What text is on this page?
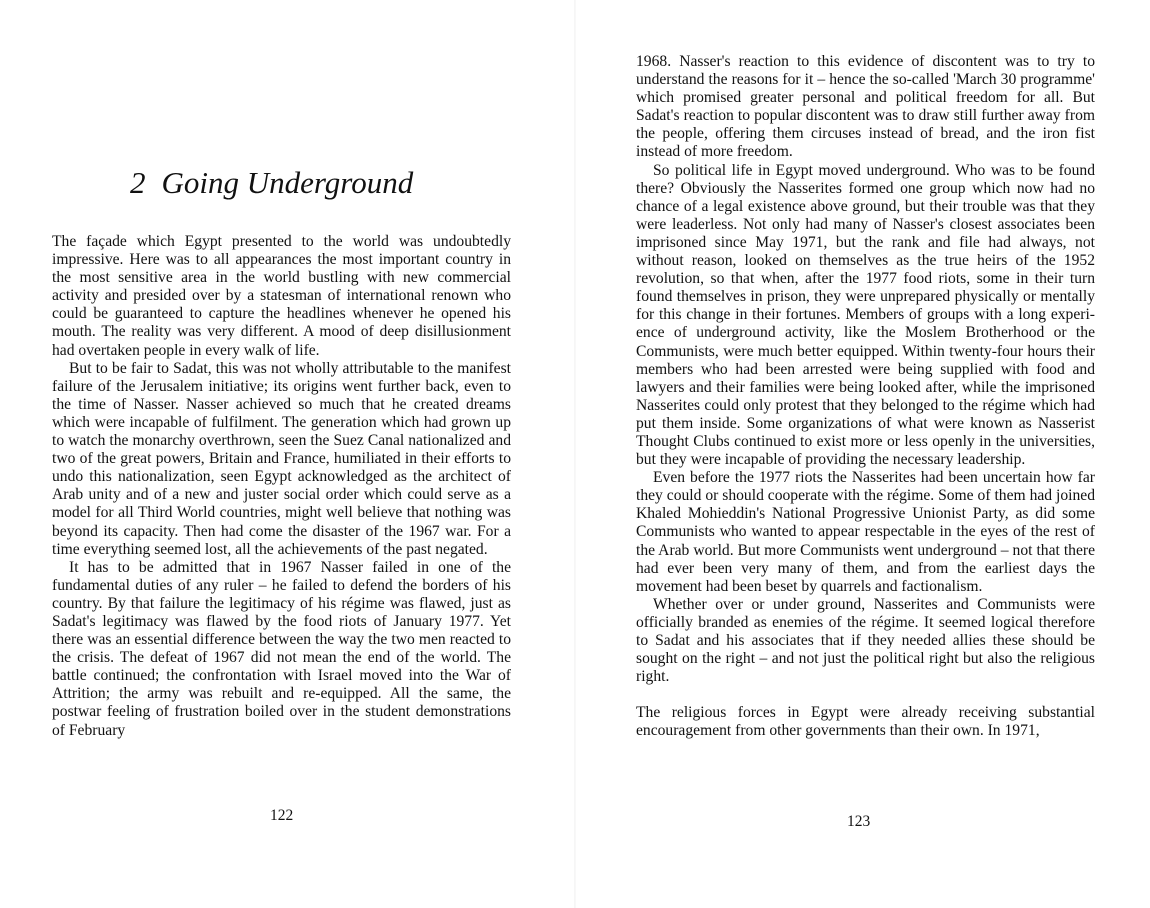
2 Going Underground

The façade which Egypt presented to the world was undoubtedly impressive. Here was to all appearances the most important country in the most sensitive area in the world bustling with new commercial activity and presided over by a statesman of international renown who could be guaranteed to capture the headlines whenever he opened his mouth. The reality was very different. A mood of deep disillusionment had overtaken people in every walk of life.

But to be fair to Sadat, this was not wholly attributable to the manifest failure of the Jerusalem initiative; its origins went further back, even to the time of Nasser. Nasser achieved so much that he created dreams which were incapable of fulfilment. The generation which had grown up to watch the monarchy overthrown, seen the Suez Canal nationalized and two of the great powers, Britain and France, humiliated in their efforts to undo this nationalization, seen Egypt acknowledged as the architect of Arab unity and of a new and juster social order which could serve as a model for all Third World countries, might well believe that nothing was beyond its capacity. Then had come the disaster of the 1967 war. For a time everything seemed lost, all the achievements of the past negated.

It has to be admitted that in 1967 Nasser failed in one of the fundamental duties of any ruler – he failed to defend the borders of his country. By that failure the legitimacy of his régime was flawed, just as Sadat's legitimacy was flawed by the food riots of January 1977. Yet there was an essential difference between the way the two men reacted to the crisis. The defeat of 1967 did not mean the end of the world. The battle continued; the confrontation with Israel moved into the War of Attrition; the army was rebuilt and re-equipped. All the same, the postwar feeling of frustration boiled over in the student demonstrations of February

122

1968. Nasser's reaction to this evidence of discontent was to try to understand the reasons for it – hence the so-called 'March 30 programme' which promised greater personal and political freedom for all. But Sadat's reaction to popular discontent was to draw still further away from the people, offering them circuses instead of bread, and the iron fist instead of more freedom.

So political life in Egypt moved underground. Who was to be found there? Obviously the Nasserites formed one group which now had no chance of a legal existence above ground, but their trouble was that they were leaderless. Not only had many of Nasser's closest associates been imprisoned since May 1971, but the rank and file had always, not without reason, looked on themselves as the true heirs of the 1952 revolution, so that when, after the 1977 food riots, some in their turn found themselves in prison, they were unprepared physically or mentally for this change in their fortunes. Members of groups with a long experience of underground activity, like the Moslem Brotherhood or the Communists, were much better equipped. Within twenty-four hours their members who had been arrested were being supplied with food and lawyers and their families were being looked after, while the imprisoned Nasserites could only protest that they belonged to the régime which had put them inside. Some organizations of what were known as Nasserist Thought Clubs continued to exist more or less openly in the universities, but they were incapable of providing the necessary leadership.

Even before the 1977 riots the Nasserites had been uncertain how far they could or should cooperate with the régime. Some of them had joined Khaled Mohieddin's National Progressive Unionist Party, as did some Communists who wanted to appear respectable in the eyes of the rest of the Arab world. But more Communists went underground – not that there had ever been very many of them, and from the earliest days the movement had been beset by quarrels and factionalism.

Whether over or under ground, Nasserites and Communists were officially branded as enemies of the régime. It seemed logical therefore to Sadat and his associates that if they needed allies these should be sought on the right – and not just the political right but also the religious right.

The religious forces in Egypt were already receiving substantial encouragement from other governments than their own. In 1971,

123
